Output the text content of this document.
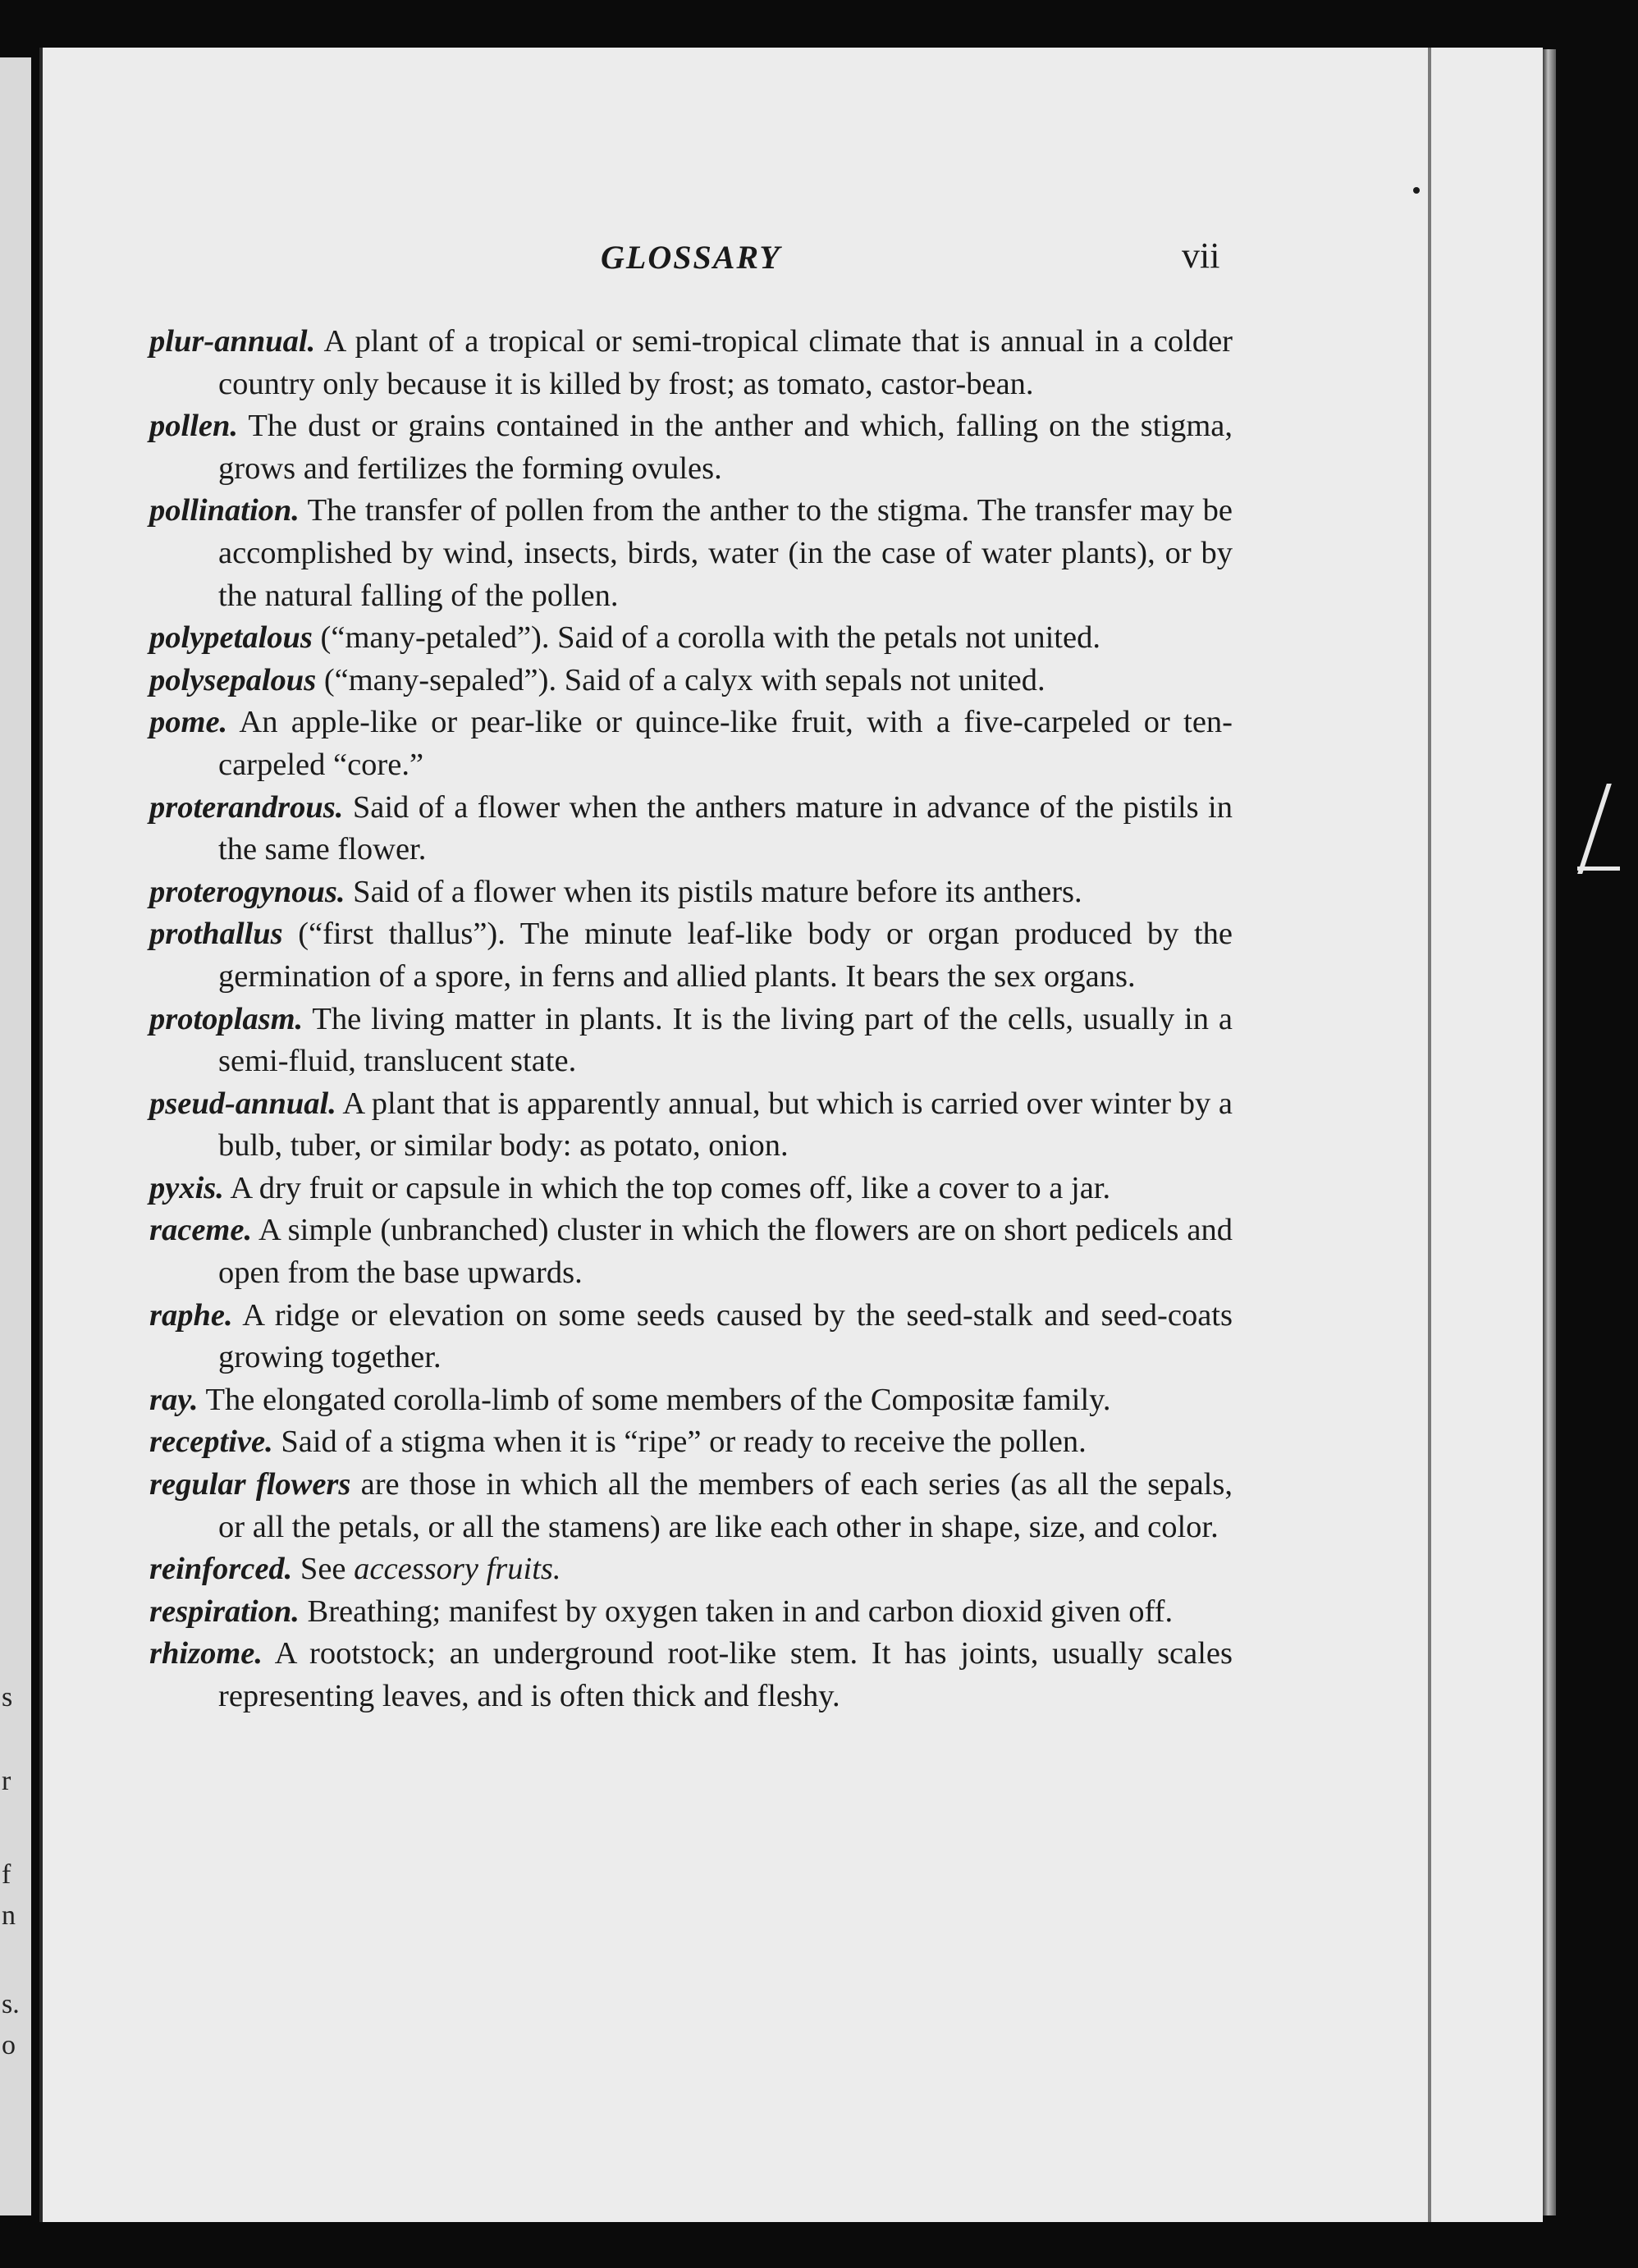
s
r
f
n
s.
o
GLOSSARY	vii

plur-annual. A plant of a tropical or semi-tropical climate that is annual in a colder country only because it is killed by frost; as tomato, castor-bean.

pollen. The dust or grains contained in the anther and which, falling on the stigma, grows and fertilizes the forming ovules.

pollination. The transfer of pollen from the anther to the stigma. The transfer may be accomplished by wind, insects, birds, water (in the case of water plants), or by the natural falling of the pollen.

polypetalous (“many-petaled”). Said of a corolla with the petals not united.

polysepalous (“many-sepaled”). Said of a calyx with sepals not united.

pome. An apple-like or pear-like or quince-like fruit, with a five-carpeled or ten-carpeled “core.”

proterandrous. Said of a flower when the anthers mature in advance of the pistils in the same flower.

proterogynous. Said of a flower when its pistils mature before its anthers.

prothallus (“first thallus”). The minute leaf-like body or organ produced by the germination of a spore, in ferns and allied plants. It bears the sex organs.

protoplasm. The living matter in plants. It is the living part of the cells, usually in a semi-fluid, translucent state.

pseud-annual. A plant that is apparently annual, but which is carried over winter by a bulb, tuber, or similar body: as potato, onion.

pyxis. A dry fruit or capsule in which the top comes off, like a cover to a jar.

raceme. A simple (unbranched) cluster in which the flowers are on short pedicels and open from the base upwards.

raphe. A ridge or elevation on some seeds caused by the seed-stalk and seed-coats growing together.

ray. The elongated corolla-limb of some members of the Compositæ family.

receptive. Said of a stigma when it is “ripe” or ready to receive the pollen.

regular flowers are those in which all the members of each series (as all the sepals, or all the petals, or all the stamens) are like each other in shape, size, and color.

reinforced. See accessory fruits.

respiration. Breathing; manifest by oxygen taken in and carbon dioxid given off.

rhizome. A rootstock; an underground root-like stem. It has joints, usually scales representing leaves, and is often thick and fleshy.
